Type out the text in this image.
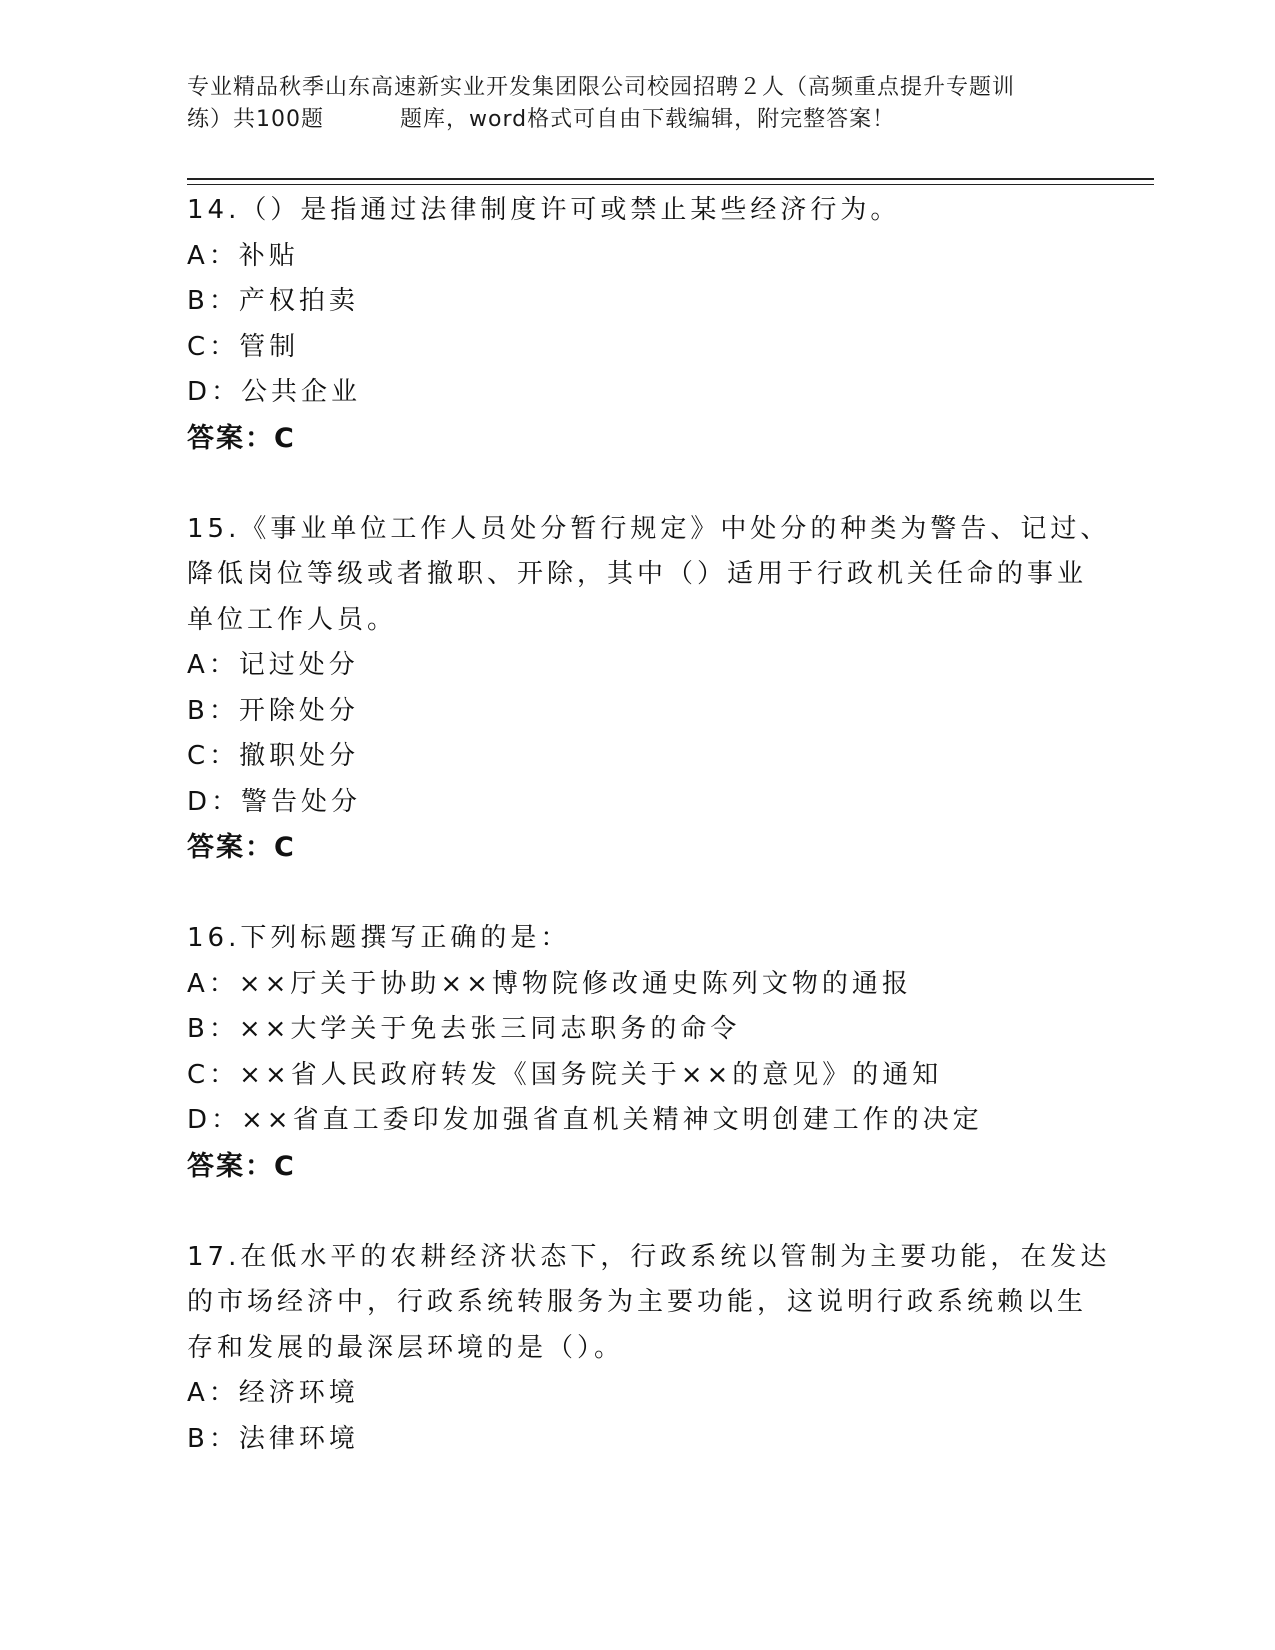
专业精品秋季山东高速新实业开发集团限公司校园招聘２人（高频重点提升专题训
练）共100题	题库，word格式可自由下载编辑，附完整答案！
14.（）是指通过法律制度许可或禁止某些经济行为。
A：补贴
B：产权拍卖
C：管制
D：公共企业
答案：C
15.《事业单位工作人员处分暂行规定》中处分的种类为警告、记过、
降低岗位等级或者撤职、开除，其中（）适用于行政机关任命的事业
单位工作人员。
A：记过处分
B：开除处分
C：撤职处分
D：警告处分
答案：C
16.下列标题撰写正确的是：
A：××厅关于协助××博物院修改通史陈列文物的通报
B：××大学关于免去张三同志职务的命令
C：××省人民政府转发《国务院关于××的意见》的通知
D：××省直工委印发加强省直机关精神文明创建工作的决定
答案：C
17.在低水平的农耕经济状态下，行政系统以管制为主要功能，在发达
的市场经济中，行政系统转服务为主要功能，这说明行政系统赖以生
存和发展的最深层环境的是（）。
A：经济环境
B：法律环境
